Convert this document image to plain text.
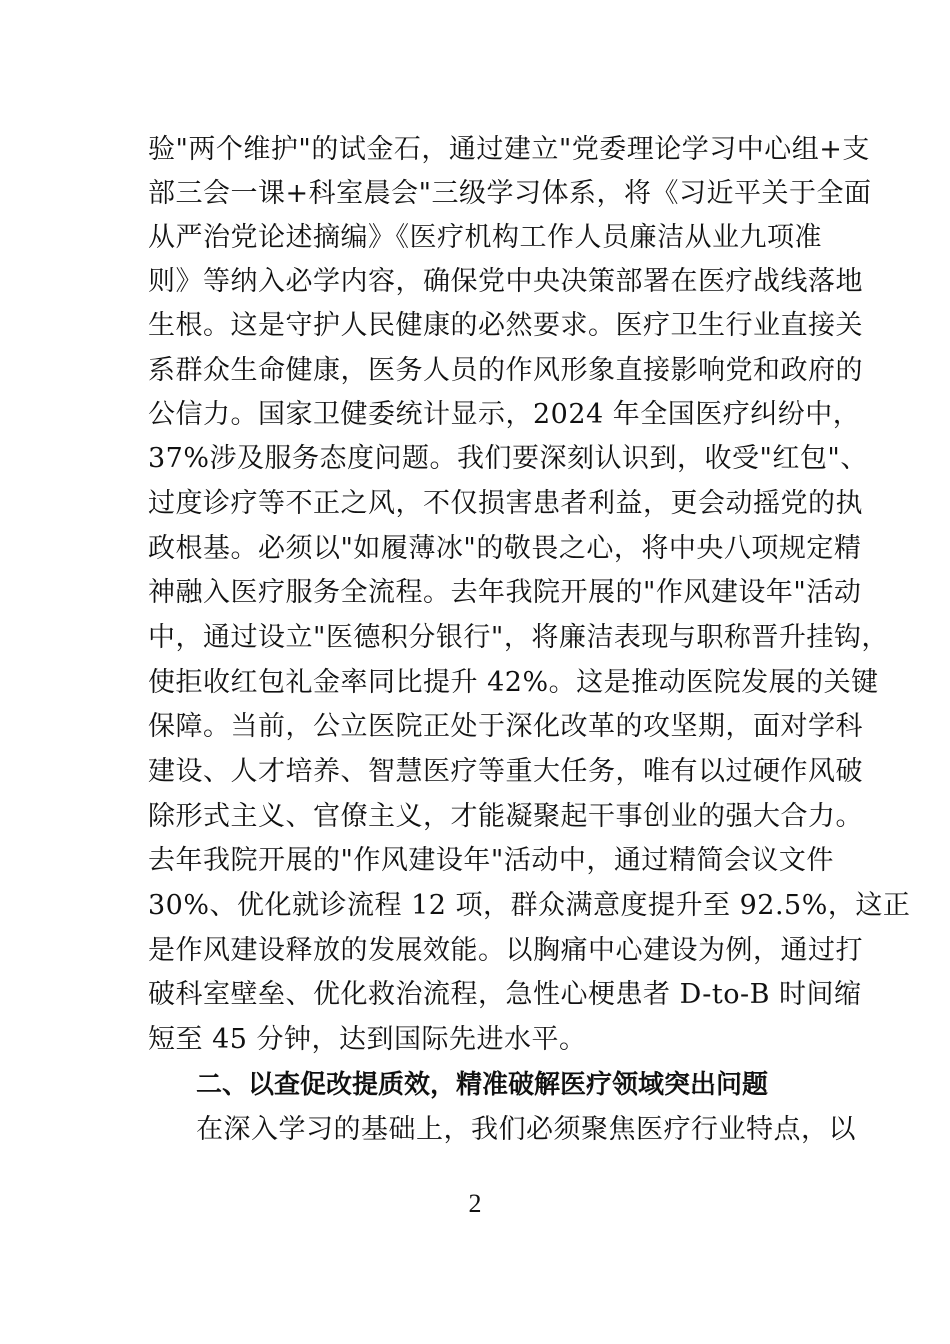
验"两个维护"的试金石，通过建立"党委理论学习中心组+支
部三会一课+科室晨会"三级学习体系，将《习近平关于全面
从严治党论述摘编》《医疗机构工作人员廉洁从业九项准
则》等纳入必学内容，确保党中央决策部署在医疗战线落地
生根。这是守护人民健康的必然要求。医疗卫生行业直接关
系群众生命健康，医务人员的作风形象直接影响党和政府的
公信力。国家卫健委统计显示，2024 年全国医疗纠纷中，
37%涉及服务态度问题。我们要深刻认识到，收受"红包"、
过度诊疗等不正之风，不仅损害患者利益，更会动摇党的执
政根基。必须以"如履薄冰"的敬畏之心，将中央八项规定精
神融入医疗服务全流程。去年我院开展的"作风建设年"活动
中，通过设立"医德积分银行"，将廉洁表现与职称晋升挂钩，
使拒收红包礼金率同比提升 42%。这是推动医院发展的关键
保障。当前，公立医院正处于深化改革的攻坚期，面对学科
建设、人才培养、智慧医疗等重大任务，唯有以过硬作风破
除形式主义、官僚主义，才能凝聚起干事创业的强大合力。
去年我院开展的"作风建设年"活动中，通过精简会议文件
30%、优化就诊流程 12 项，群众满意度提升至 92.5%，这正
是作风建设释放的发展效能。以胸痛中心建设为例，通过打
破科室壁垒、优化救治流程，急性心梗患者 D-to-B 时间缩
短至 45 分钟，达到国际先进水平。
二、以查促改提质效，精准破解医疗领域突出问题
在深入学习的基础上，我们必须聚焦医疗行业特点，以
2
